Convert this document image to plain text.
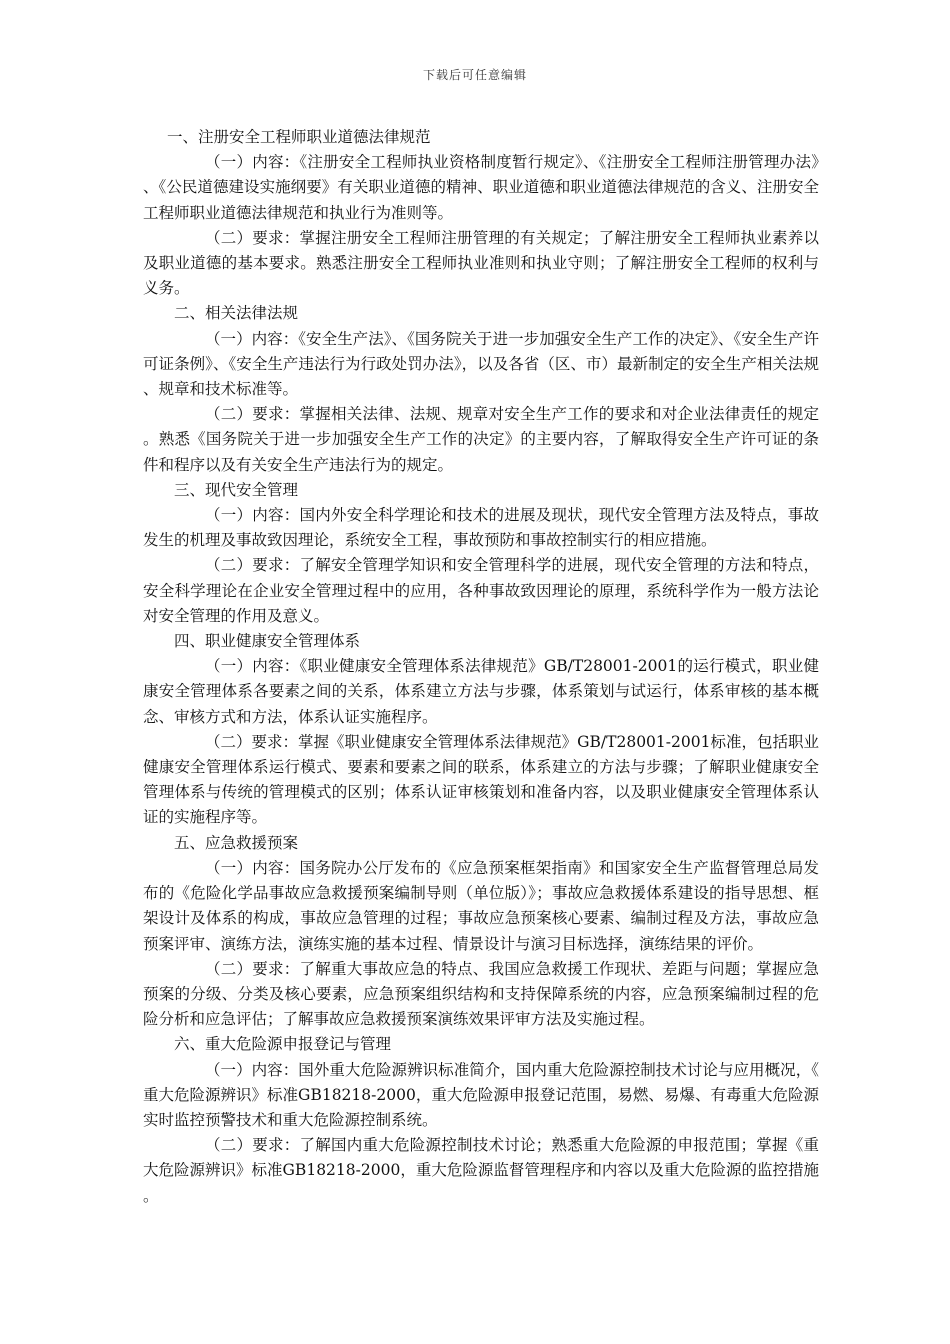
下载后可任意编辑

一、注册安全工程师职业道德法律规范

（一）内容：《注册安全工程师执业资格制度暂行规定》、《注册安全工程师注册管理办法》、《公民道德建设实施纲要》有关职业道德的精神、职业道德和职业道德法律规范的含义、注册安全工程师职业道德法律规范和执业行为准则等。

（二）要求：掌握注册安全工程师注册管理的有关规定；了解注册安全工程师执业素养以及职业道德的基本要求。熟悉注册安全工程师执业准则和执业守则；了解注册安全工程师的权利与义务。

二、相关法律法规

（一）内容：《安全生产法》、《国务院关于进一步加强安全生产工作的决定》、《安全生产许可证条例》、《安全生产违法行为行政处罚办法》，以及各省（区、市）最新制定的安全生产相关法规、规章和技术标准等。

（二）要求：掌握相关法律、法规、规章对安全生产工作的要求和对企业法律责任的规定。熟悉《国务院关于进一步加强安全生产工作的决定》的主要内容，了解取得安全生产许可证的条件和程序以及有关安全生产违法行为的规定。

三、现代安全管理

（一）内容：国内外安全科学理论和技术的进展及现状，现代安全管理方法及特点，事故发生的机理及事故致因理论，系统安全工程，事故预防和事故控制实行的相应措施。

（二）要求：了解安全管理学知识和安全管理科学的进展，现代安全管理的方法和特点，安全科学理论在企业安全管理过程中的应用，各种事故致因理论的原理，系统科学作为一般方法论对安全管理的作用及意义。

四、职业健康安全管理体系

（一）内容：《职业健康安全管理体系法律规范》GB/T28001-2001的运行模式，职业健康安全管理体系各要素之间的关系，体系建立方法与步骤，体系策划与试运行，体系审核的基本概念、审核方式和方法，体系认证实施程序。

（二）要求：掌握《职业健康安全管理体系法律规范》GB/T28001-2001标准，包括职业健康安全管理体系运行模式、要素和要素之间的联系，体系建立的方法与步骤；了解职业健康安全管理体系与传统的管理模式的区别；体系认证审核策划和准备内容，以及职业健康安全管理体系认证的实施程序等。

五、应急救援预案

（一）内容：国务院办公厅发布的《应急预案框架指南》和国家安全生产监督管理总局发布的《危险化学品事故应急救援预案编制导则（单位版）》；事故应急救援体系建设的指导思想、框架设计及体系的构成，事故应急管理的过程；事故应急预案核心要素、编制过程及方法，事故应急预案评审、演练方法，演练实施的基本过程、情景设计与演习目标选择，演练结果的评价。

（二）要求：了解重大事故应急的特点、我国应急救援工作现状、差距与问题；掌握应急预案的分级、分类及核心要素，应急预案组织结构和支持保障系统的内容，应急预案编制过程的危险分析和应急评估；了解事故应急救援预案演练效果评审方法及实施过程。

六、重大危险源申报登记与管理

（一）内容：国外重大危险源辨识标准简介，国内重大危险源控制技术讨论与应用概况，《重大危险源辨识》标准GB18218-2000，重大危险源申报登记范围，易燃、易爆、有毒重大危险源实时监控预警技术和重大危险源控制系统。

（二）要求：了解国内重大危险源控制技术讨论；熟悉重大危险源的申报范围；掌握《重大危险源辨识》标准GB18218-2000，重大危险源监督管理程序和内容以及重大危险源的监控措施。
